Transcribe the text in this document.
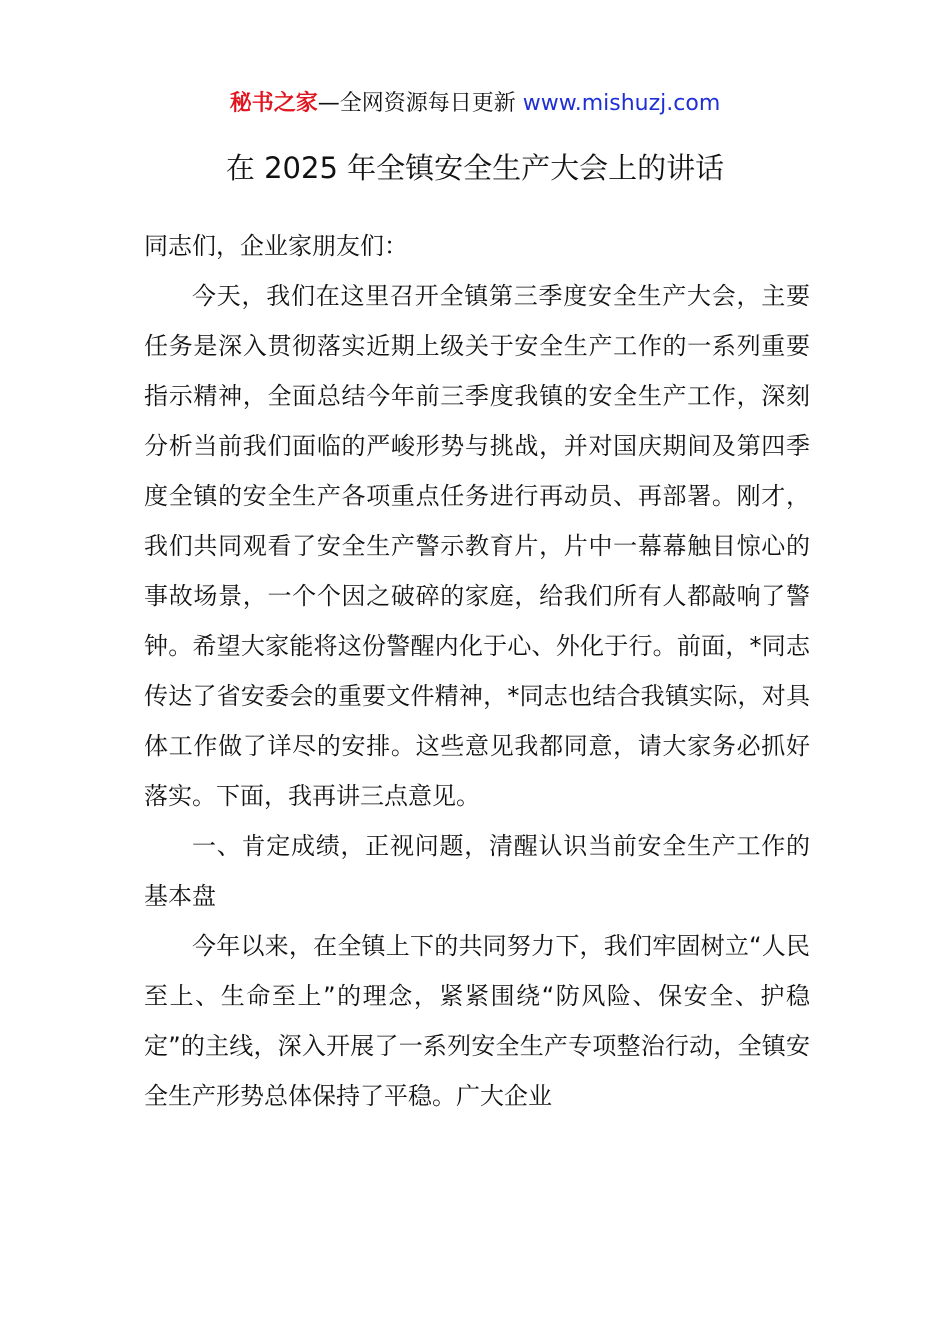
秘书之家—全网资源每日更新 www.mishuzj.com
在 2025 年全镇安全生产大会上的讲话

同志们，企业家朋友们：

今天，我们在这里召开全镇第三季度安全生产大会，主要任务是深入贯彻落实近期上级关于安全生产工作的一系列重要指示精神，全面总结今年前三季度我镇的安全生产工作，深刻分析当前我们面临的严峻形势与挑战，并对国庆期间及第四季度全镇的安全生产各项重点任务进行再动员、再部署。刚才，我们共同观看了安全生产警示教育片，片中一幕幕触目惊心的事故场景，一个个因之破碎的家庭，给我们所有人都敲响了警钟。希望大家能将这份警醒内化于心、外化于行。前面，*同志传达了省安委会的重要文件精神，*同志也结合我镇实际，对具体工作做了详尽的安排。这些意见我都同意，请大家务必抓好落实。下面，我再讲三点意见。

一、肯定成绩，正视问题，清醒认识当前安全生产工作的基本盘

今年以来，在全镇上下的共同努力下，我们牢固树立“人民至上、生命至上”的理念，紧紧围绕“防风险、保安全、护稳定”的主线，深入开展了一系列安全生产专项整治行动，全镇安全生产形势总体保持了平稳。广大企业
